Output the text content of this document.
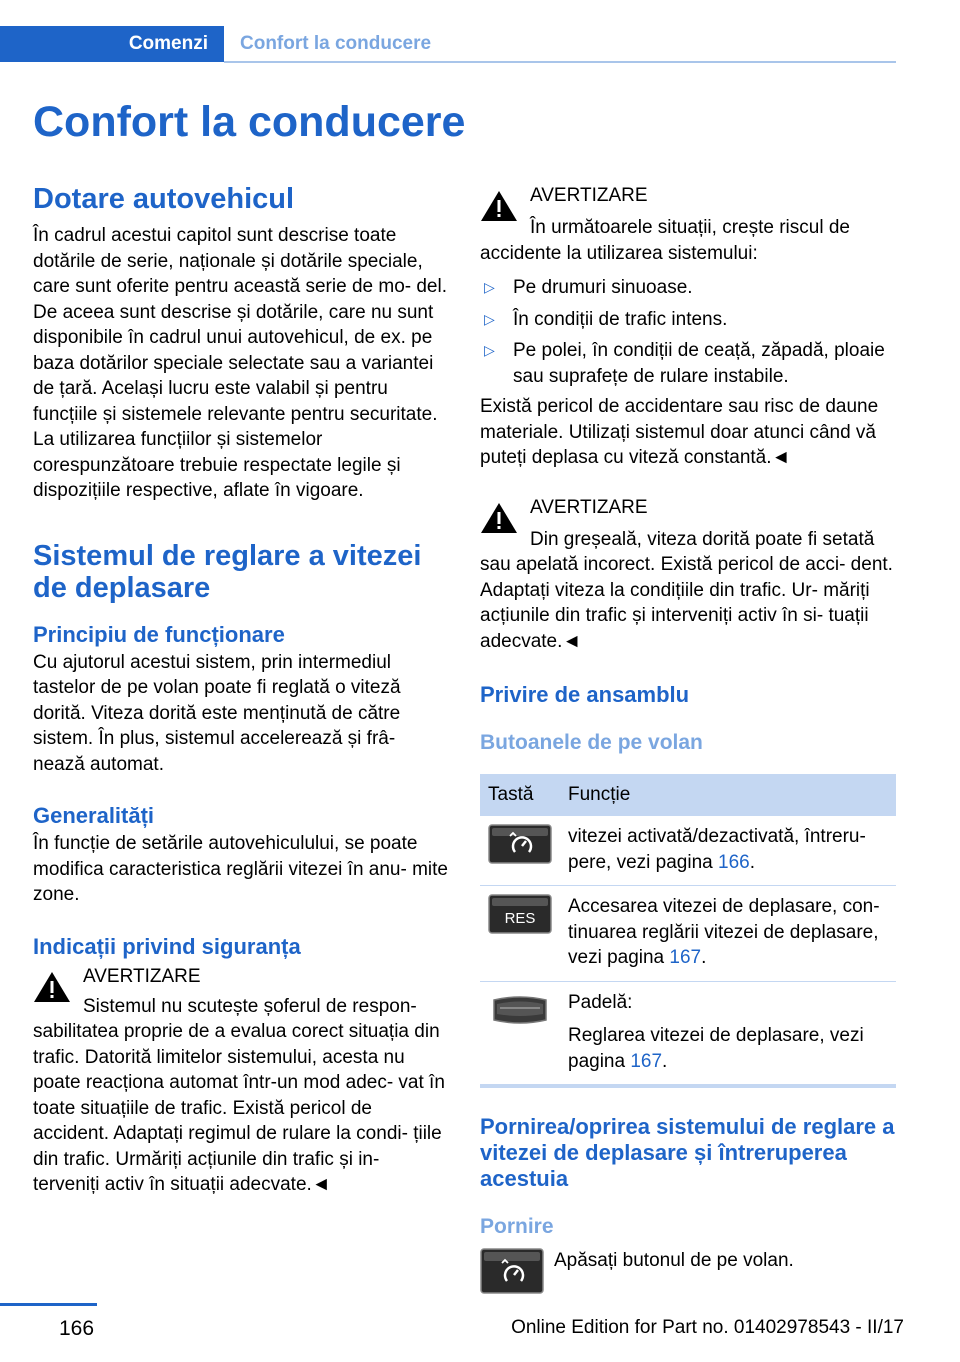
Comenzi	Confort la conducere
Confort la conducere
Dotare autovehicul

În cadrul acestui capitol sunt descrise toate dotările de serie, naționale și dotările speciale, care sunt oferite pentru această serie de mo‐ del. De aceea sunt descrise și dotările, care nu sunt disponibile în cadrul unui autovehicul, de ex. pe baza dotărilor speciale selectate sau a variantei de țară. Același lucru este valabil și pentru funcțiile și sistemele relevante pentru securitate. La utilizarea funcțiilor și sistemelor corespunzătoare trebuie respectate legile și dispozițiile respective, aflate în vigoare.

Sistemul de reglare a vitezei de deplasare
Principiu de funcționare

Cu ajutorul acestui sistem, prin intermediul tastelor de pe volan poate fi reglată o viteză dorită. Viteza dorită este menținută de către sistem. În plus, sistemul accelerează și frâ‐ nează automat.

Generalități

În funcție de setările autovehiculului, se poate modifica caracteristica reglării vitezei în anu‐ mite zone.

Indicații privind siguranța
AVERTIZARE
Sistemul nu scutește șoferul de respon‐
sabilitatea proprie de a evalua corect situația din trafic. Datorită limitelor sistemului, acesta nu poate reacționa automat într-un mod adec‐ vat în toate situațiile de trafic. Există pericol de accident. Adaptați regimul de rulare la condi‐ țiile din trafic. Urmăriți acțiunile din trafic și in‐ terveniți activ în situații adecvate.◄
AVERTIZARE
În următoarele situații, crește riscul de
accidente la utilizarea sistemului:
▷ Pe drumuri sinuoase.
▷ În condiții de trafic intens.
▷ Pe polei, în condiții de ceață, zăpadă, ploaie sau suprafețe de rulare instabile.

Există pericol de accidentare sau risc de daune materiale. Utilizați sistemul doar atunci când vă puteți deplasa cu viteză constantă.◄

AVERTIZARE
Din greșeală, viteza dorită poate fi setată
sau apelată incorect. Există pericol de acci‐ dent. Adaptați viteza la condițiile din trafic. Ur‐ măriți acțiunile din trafic și interveniți activ în si‐ tuații adecvate.◄
Privire de ansamblu
Butoanele de pe volan
Tastă	Funcție

	vitezei activată/dezactivată, întreru‐ pere, vezi pagina 166.

RES	Accesarea vitezei de deplasare, con‐ tinuarea reglării vitezei de deplasare, vezi pagina 167.

Padelă:
Reglarea vitezei de deplasare, vezi pagina 167.
Pornirea/oprirea sistemului de reglare a vitezei de deplasare și întreruperea acestuia
Pornire
Apăsați butonul de pe volan.
166	Online Edition for Part no. 01402978543 - II/17
